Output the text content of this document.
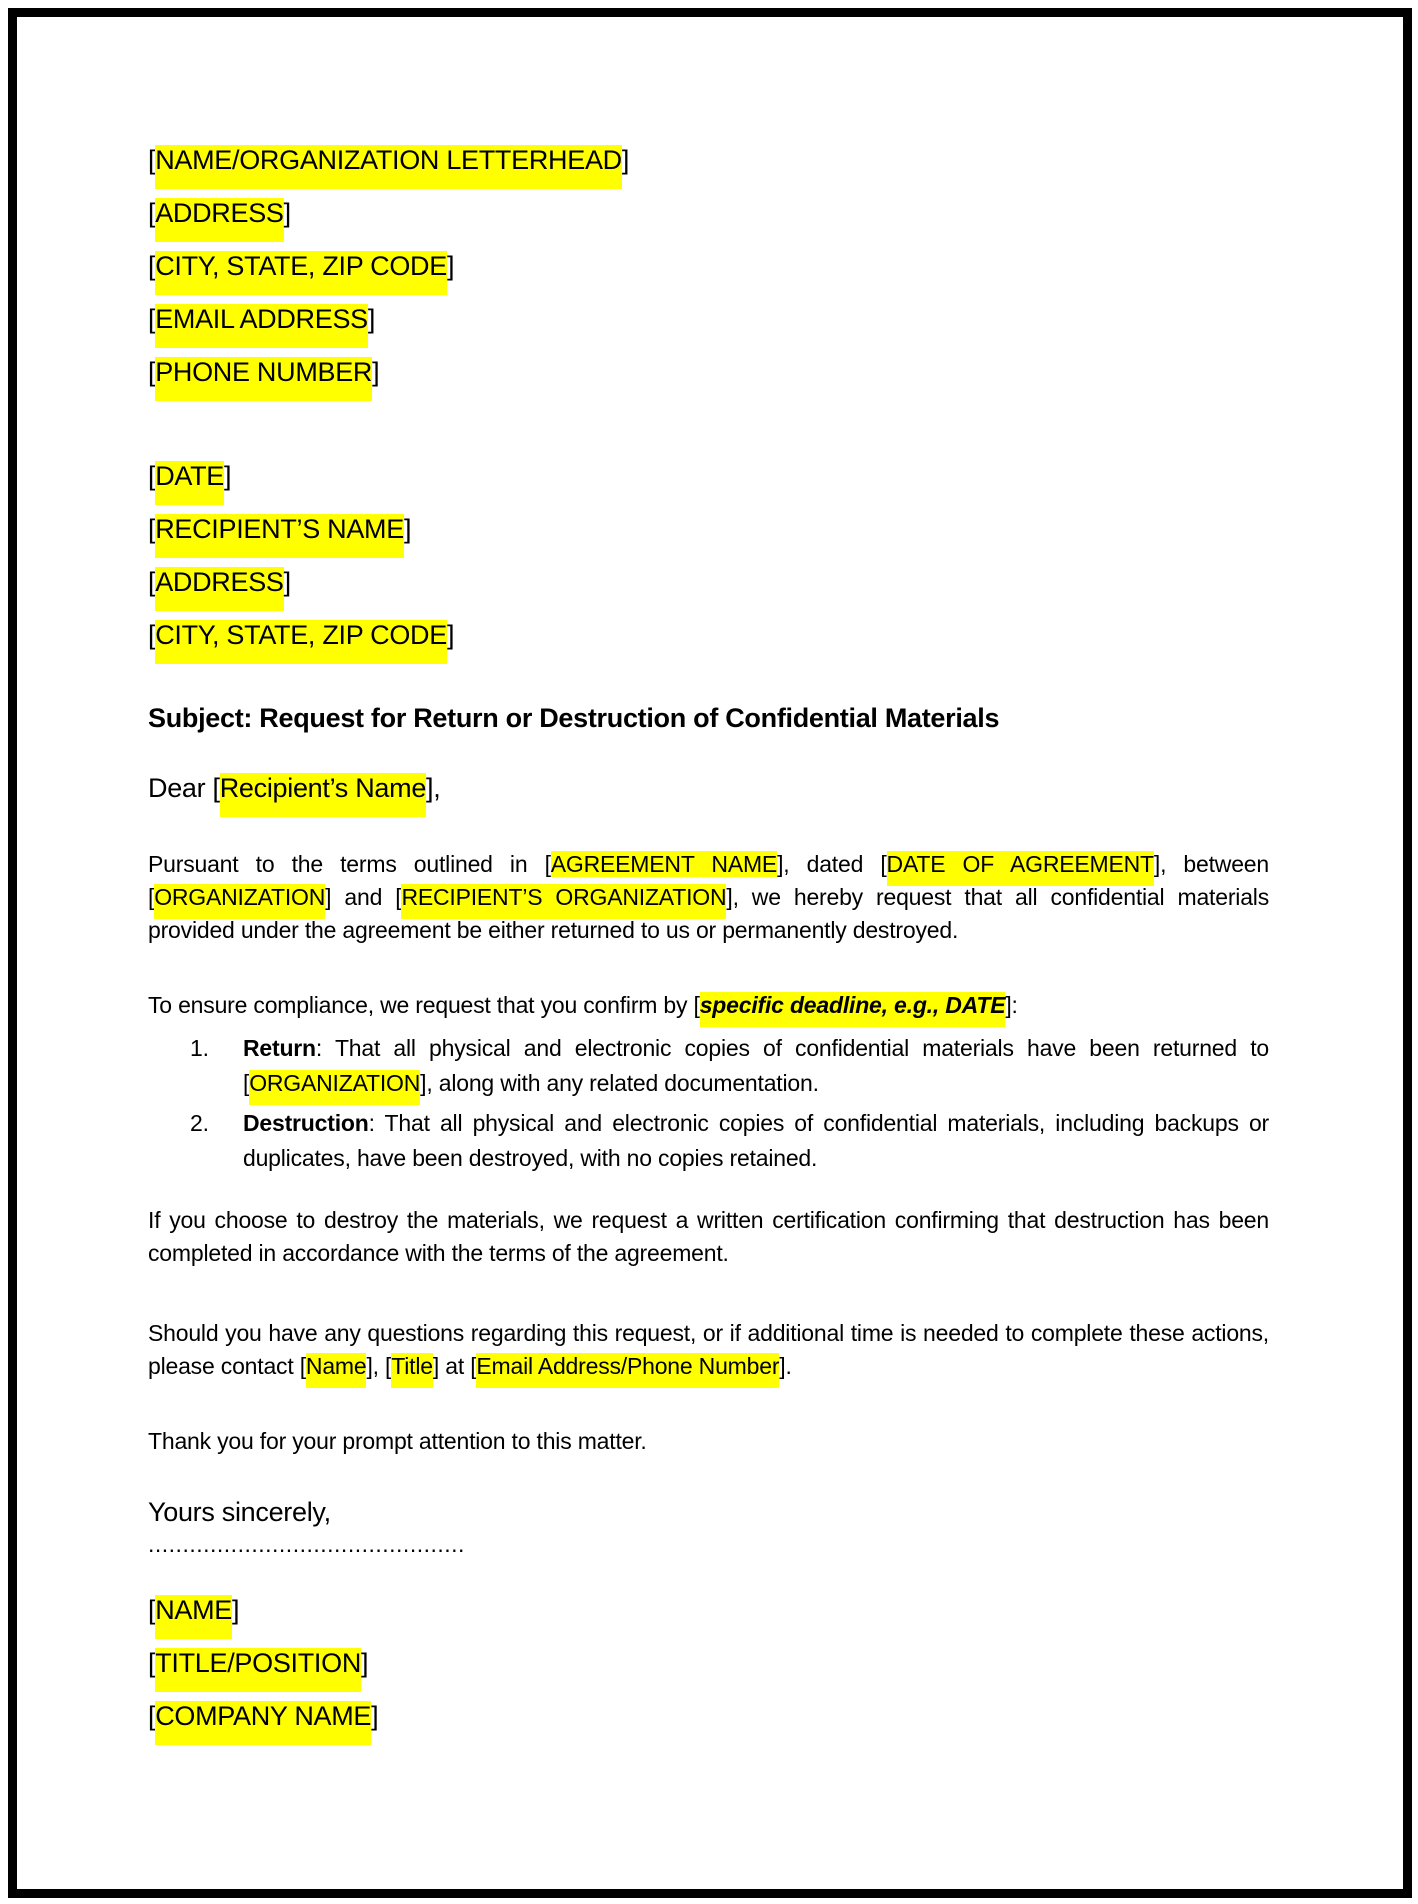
[NAME/ORGANIZATION LETTERHEAD]

[ADDRESS]

[CITY, STATE, ZIP CODE]

[EMAIL ADDRESS]

[PHONE NUMBER]

[DATE]

[RECIPIENT’S NAME]

[ADDRESS]

[CITY, STATE, ZIP CODE]

Subject: Request for Return or Destruction of Confidential Materials

Dear [Recipient’s Name],

Pursuant to the terms outlined in [AGREEMENT NAME], dated [DATE OF AGREEMENT], between [ORGANIZATION] and [RECIPIENT’S ORGANIZATION], we hereby request that all confidential materials provided under the agreement be either returned to us or permanently destroyed.

To ensure compliance, we request that you confirm by [specific deadline, e.g., DATE]:

1. Return: That all physical and electronic copies of confidential materials have been returned to [ORGANIZATION], along with any related documentation.
2. Destruction: That all physical and electronic copies of confidential materials, including backups or duplicates, have been destroyed, with no copies retained.

If you choose to destroy the materials, we request a written certification confirming that destruction has been completed in accordance with the terms of the agreement.

Should you have any questions regarding this request, or if additional time is needed to complete these actions, please contact [Name], [Title] at [Email Address/Phone Number].

Thank you for your prompt attention to this matter.

Yours sincerely,

..............................................

[NAME]

[TITLE/POSITION]

[COMPANY NAME]
